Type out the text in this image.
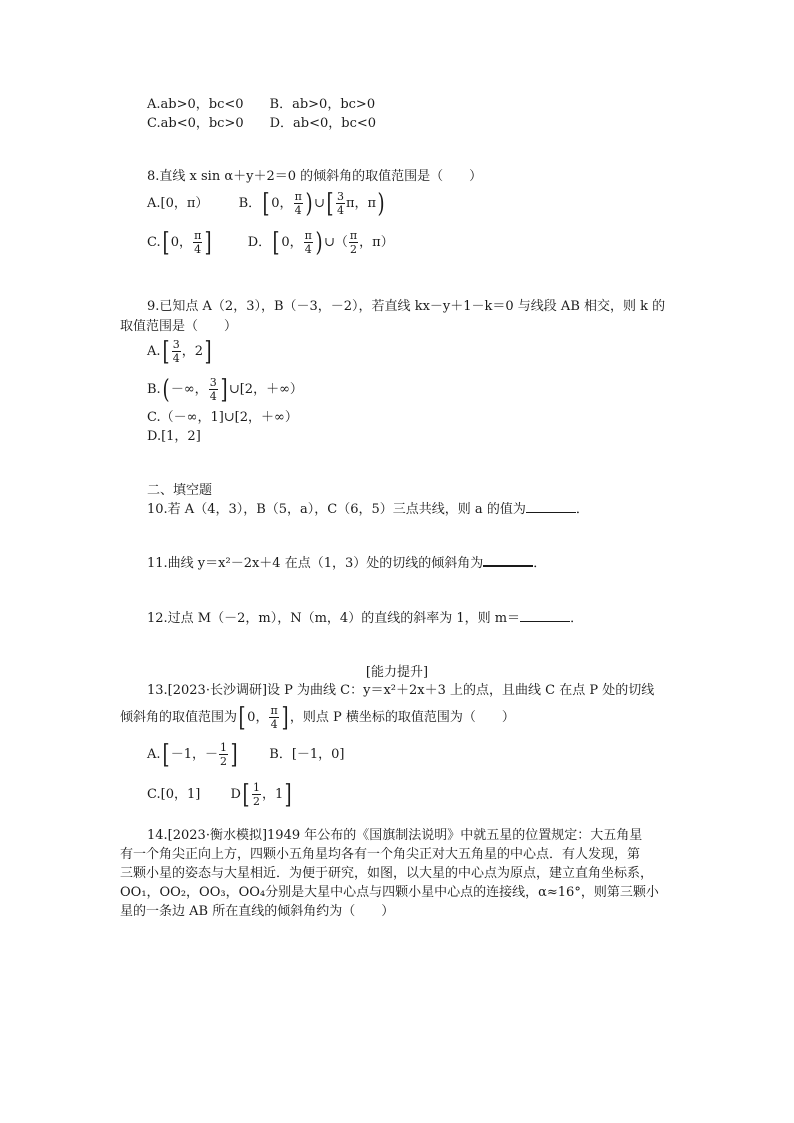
A.ab>0，bc<0 B．ab>0，bc>0
C.ab<0，bc>0 D．ab<0，bc<0
8.直线 x sin α＋y＋2＝0 的倾斜角的取值范围是（　　）
A.[0，π） B．[ 0， $\frac{\pi}{4}$ ) ∪[ $\frac{3}{4}$ π，π)
C.[ 0， $\frac{\pi}{4}$ ]	D．[ 0， $\frac{\pi}{4}$ ) ∪（ $\frac{\pi}{2}$ ，π）
9.已知点 A（2，3），B（－3，－2），若直线 kx－y＋1－k＝0 与线段 AB 相交，则 k 的
取值范围是（　　）
$A.[ \frac{3}{4}$ ，2]
B.( －∞， $\frac{3}{4}$ ] ∪[2，＋∞）
C.（－∞，1]∪[2，＋∞）
D.[1，2]
二、填空题
10.若 A（4，3），B（5，a），C（6，5）三点共线，则 a 的值为	．
11.曲线 y＝x²－2x＋4 在点（1，3）处的切线的倾斜角为	．
12.过点 M（－2，m），N（m，4）的直线的斜率为 1，则 m＝	．
[能力提升]
13.[2023·长沙调研]设 P 为曲线 C：y＝x²＋2x＋3 上的点，且曲线 C 在点 P 处的切线
倾斜角的取值范围为[ 0， $\frac{\pi}{4}$ ] ，则点 P 横坐标的取值范围为（　　）
A.[ －1，－ $\frac{1}{2}$ ] B．[－1，0]
C.[0，1] $D[ \frac{1}{2}$ ，1]
14.[2023·衡水模拟]1949 年公布的《国旗制法说明》中就五星的位置规定：大五角星
有一个角尖正向上方，四颗小五角星均各有一个角尖正对大五角星的中心点．有人发现，第
三颗小星的姿态与大星相近．为便于研究，如图，以大星的中心点为原点，建立直角坐标系，
OO₁，OO₂，OO₃，OO₄分别是大星中心点与四颗小星中心点的连接线，α≈16°，则第三颗小
星的一条边 AB 所在直线的倾斜角约为（　　）
